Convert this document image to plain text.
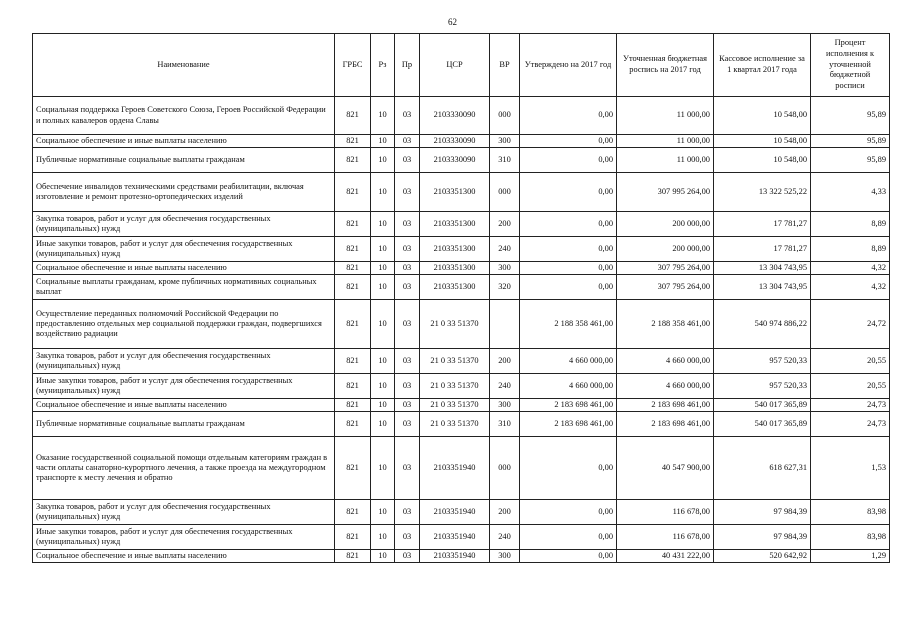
62
Наименование	ГРБС	Рз	Пр	ЦСР	ВР	Утверждено на 2017 год	Уточненная бюджетная роспись на 2017 год	Кассовое исполнение за 1 квартал 2017 года	Процент исполнения к уточненной бюджетной росписи
Социальная поддержка Героев Советского Союза, Героев Российской Федерации и полных кавалеров ордена Славы	821	10	03	2103330090	000	0,00	11 000,00	10 548,00	95,89
Социальное обеспечение и иные выплаты населению	821	10	03	2103330090	300	0,00	11 000,00	10 548,00	95,89
Публичные нормативные социальные выплаты гражданам	821	10	03	2103330090	310	0,00	11 000,00	10 548,00	95,89
Обеспечение инвалидов техническими средствами реабилитации, включая изготовление и ремонт протезно-ортопедических изделий	821	10	03	2103351300	000	0,00	307 995 264,00	13 322 525,22	4,33
Закупка товаров, работ и услуг для обеспечения государственных (муниципальных) нужд	821	10	03	2103351300	200	0,00	200 000,00	17 781,27	8,89
Иные закупки товаров, работ и услуг для обеспечения государственных (муниципальных) нужд	821	10	03	2103351300	240	0,00	200 000,00	17 781,27	8,89
Социальное обеспечение и иные выплаты населению	821	10	03	2103351300	300	0,00	307 795 264,00	13 304 743,95	4,32
Социальные выплаты гражданам, кроме публичных нормативных социальных выплат	821	10	03	2103351300	320	0,00	307 795 264,00	13 304 743,95	4,32
Осуществление переданных полномочий Российской Федерации по предоставлению отдельных мер социальной поддержки граждан, подвергшихся воздействию радиации	821	10	03	21 0 33 51370		2 188 358 461,00	2 188 358 461,00	540 974 886,22	24,72
Закупка товаров, работ и услуг для обеспечения государственных (муниципальных) нужд	821	10	03	21 0 33 51370	200	4 660 000,00	4 660 000,00	957 520,33	20,55
Иные закупки товаров, работ и услуг для обеспечения государственных (муниципальных) нужд	821	10	03	21 0 33 51370	240	4 660 000,00	4 660 000,00	957 520,33	20,55
Социальное обеспечение и иные выплаты населению	821	10	03	21 0 33 51370	300	2 183 698 461,00	2 183 698 461,00	540 017 365,89	24,73
Публичные нормативные социальные выплаты гражданам	821	10	03	21 0 33 51370	310	2 183 698 461,00	2 183 698 461,00	540 017 365,89	24,73
Оказание государственной социальной помощи отдельным категориям граждан в части оплаты санаторно-курортного лечения, а также проезда на междугородном транспорте к месту лечения и обратно	821	10	03	2103351940	000	0,00	40 547 900,00	618 627,31	1,53
Закупка товаров, работ и услуг для обеспечения государственных (муниципальных) нужд	821	10	03	2103351940	200	0,00	116 678,00	97 984,39	83,98
Иные закупки товаров, работ и услуг для обеспечения государственных (муниципальных) нужд	821	10	03	2103351940	240	0,00	116 678,00	97 984,39	83,98
Социальное обеспечение и иные выплаты населению	821	10	03	2103351940	300	0,00	40 431 222,00	520 642,92	1,29
